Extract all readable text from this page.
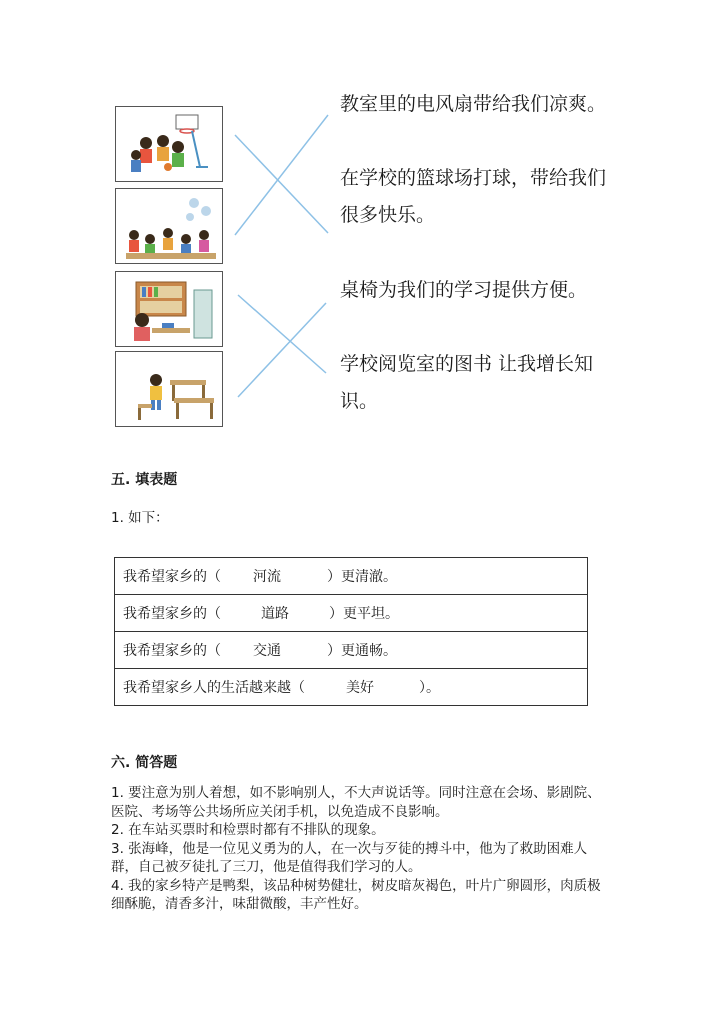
教室里的电风扇带给我们凉爽。
在学校的篮球场打球，带给我们很多快乐。
桌椅为我们的学习提供方便。
学校阅览室的图书 让我增长知识。
五. 填表题
1. 如下：
我希望家乡的（ 河流	）更清澈。
我希望家乡的（	道路	）更平坦。
我希望家乡的（ 交通	）更通畅。
我希望家乡人的生活越来越（	美好	）。
六. 简答题

1. 要注意为别人着想，如不影响别人，不大声说话等。同时注意在会场、影剧院、医院、考场等公共场所应关闭手机，以免造成不良影响。

2. 在车站买票时和检票时都有不排队的现象。

3. 张海峰，他是一位见义勇为的人，在一次与歹徒的搏斗中，他为了救助困难人群，自己被歹徒扎了三刀，他是值得我们学习的人。

4. 我的家乡特产是鸭梨，该品种树势健壮，树皮暗灰褐色，叶片广卵圆形，肉质极细酥脆，清香多汁，味甜微酸，丰产性好。
